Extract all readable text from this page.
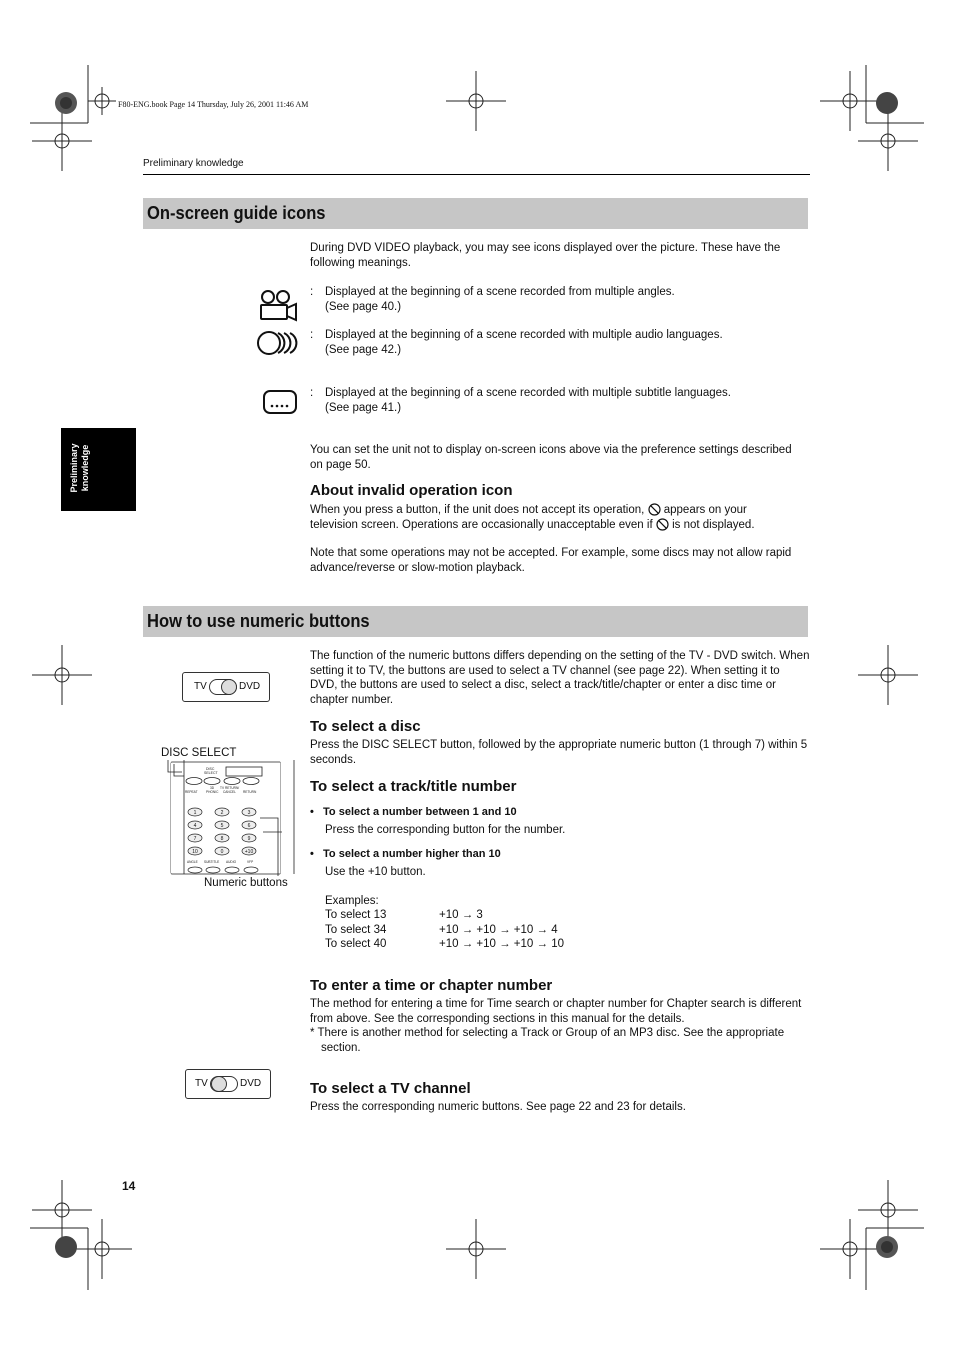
F80-ENG.book Page 14 Thursday, July 26, 2001 11:46 AM
Preliminary knowledge
Preliminary knowledge
On-screen guide icons
During DVD VIDEO playback, you may see icons displayed over the picture. These have the following meanings.
: Displayed at the beginning of a scene recorded from multiple angles.
(See page 40.)
: Displayed at the beginning of a scene recorded with multiple audio languages.
(See page 42.)
: Displayed at the beginning of a scene recorded with multiple subtitle languages.
(See page 41.)
You can set the unit not to display on-screen icons above via the preference settings described on page 50.
About invalid operation icon
When you press a button, if the unit does not accept its operation, appears on your
television screen. Operations are occasionally unacceptable even if is not displayed.
Note that some operations may not be accepted. For example, some discs may not allow rapid advance/reverse or slow-motion playback.
How to use numeric buttons
The function of the numeric buttons differs depending on the setting of the TV - DVD switch. When setting it to TV, the buttons are used to select a TV channel (see page 22). When setting it to DVD, the buttons are used to select a disc, select a track/title/chapter or enter a disc time or chapter number.
TV	DVD
To select a disc
Press the DISC SELECT button, followed by the appropriate numeric button (1 through 7) within 5 seconds.
DISC SELECT
DISC
SELECT
REPEAT	PHONIC CANCEL RETURN
TV RETURN/
3D
1	2	3
4	5	6
7	8	9
10	0	+10
ANGLE SUBTITLE AUDIO	VFP
Numeric buttons
To select a track/title number
•   To select a number between 1 and 10
Press the corresponding button for the number.
•   To select a number higher than 10
Use the +10 button.
Examples:
To select 13	+10 → 3
To select 34	+10 → +10 → +10 → 4
To select 40	+10 → +10 → +10 → 10
To enter a time or chapter number
The method for entering a time for Time search or chapter number for Chapter search is different from above. See the corresponding sections in this manual for the details.
* There is another method for selecting a Track or Group of an MP3 disc. See the appropriate section.
TV	DVD	To select a TV channel
Press the corresponding numeric buttons. See page 22 and 23 for details.
14
